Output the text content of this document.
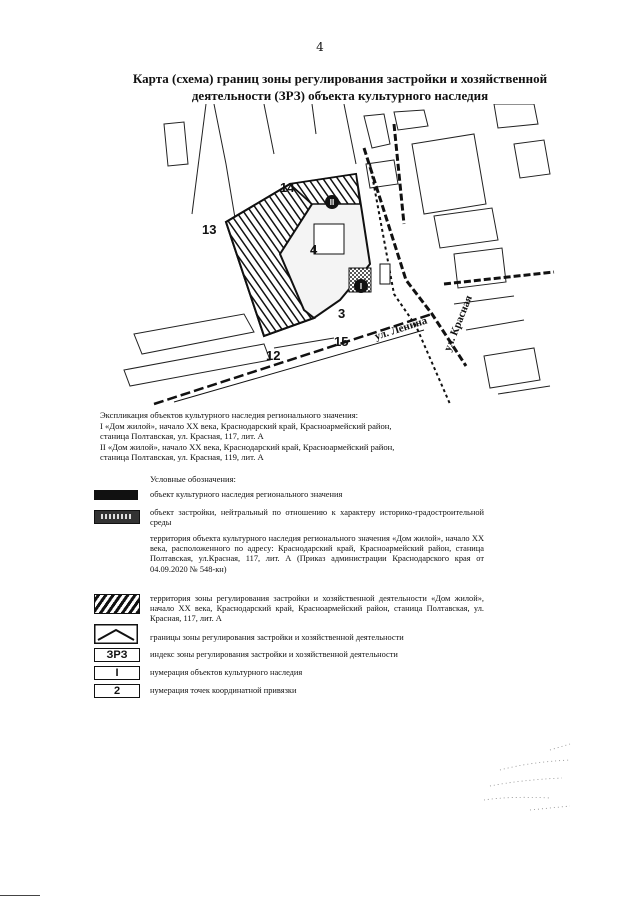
4
Карта (схема) границ зоны регулирования застройки и хозяйственной
деятельности (ЗРЗ) объекта культурного наследия
II
I
14
13
4
3
15
12
ул. Ленина ул. Красная
Экспликация объектов культурного наследия регионального значения:
I «Дом жилой», начало XX века, Краснодарский край, Красноармейский район,
станица Полтавская, ул. Красная, 117, лит. А
II «Дом жилой», начало XX века, Краснодарский край, Красноармейский район,
станица Полтавская, ул. Красная, 119, лит. А
Условные обозначения:
объект культурного наследия регионального значения
объект застройки, нейтральный по отношению к характеру историко-градостроительной среды
территория объекта культурного наследия регионального значения «Дом жилой», начало XX века, расположенного по адресу: Краснодарский край, Красноармейский район, станица Полтавская, ул.Красная, 117, лит. А (Приказ администрации Краснодарского края от 04.09.2020 № 548-кн)
территория зоны регулирования застройки и хозяйственной деятельности «Дом жилой», начало XX века, Краснодарский край, Красноармейский район, станица Полтавская, ул. Красная, 117, лит. А
границы зоны регулирования застройки и хозяйственной деятельности
ЗРЗ	индекс зоны регулирования застройки и хозяйственной деятельности
I	нумерация объектов культурного наследия
2	нумерация точек координатной привязки
